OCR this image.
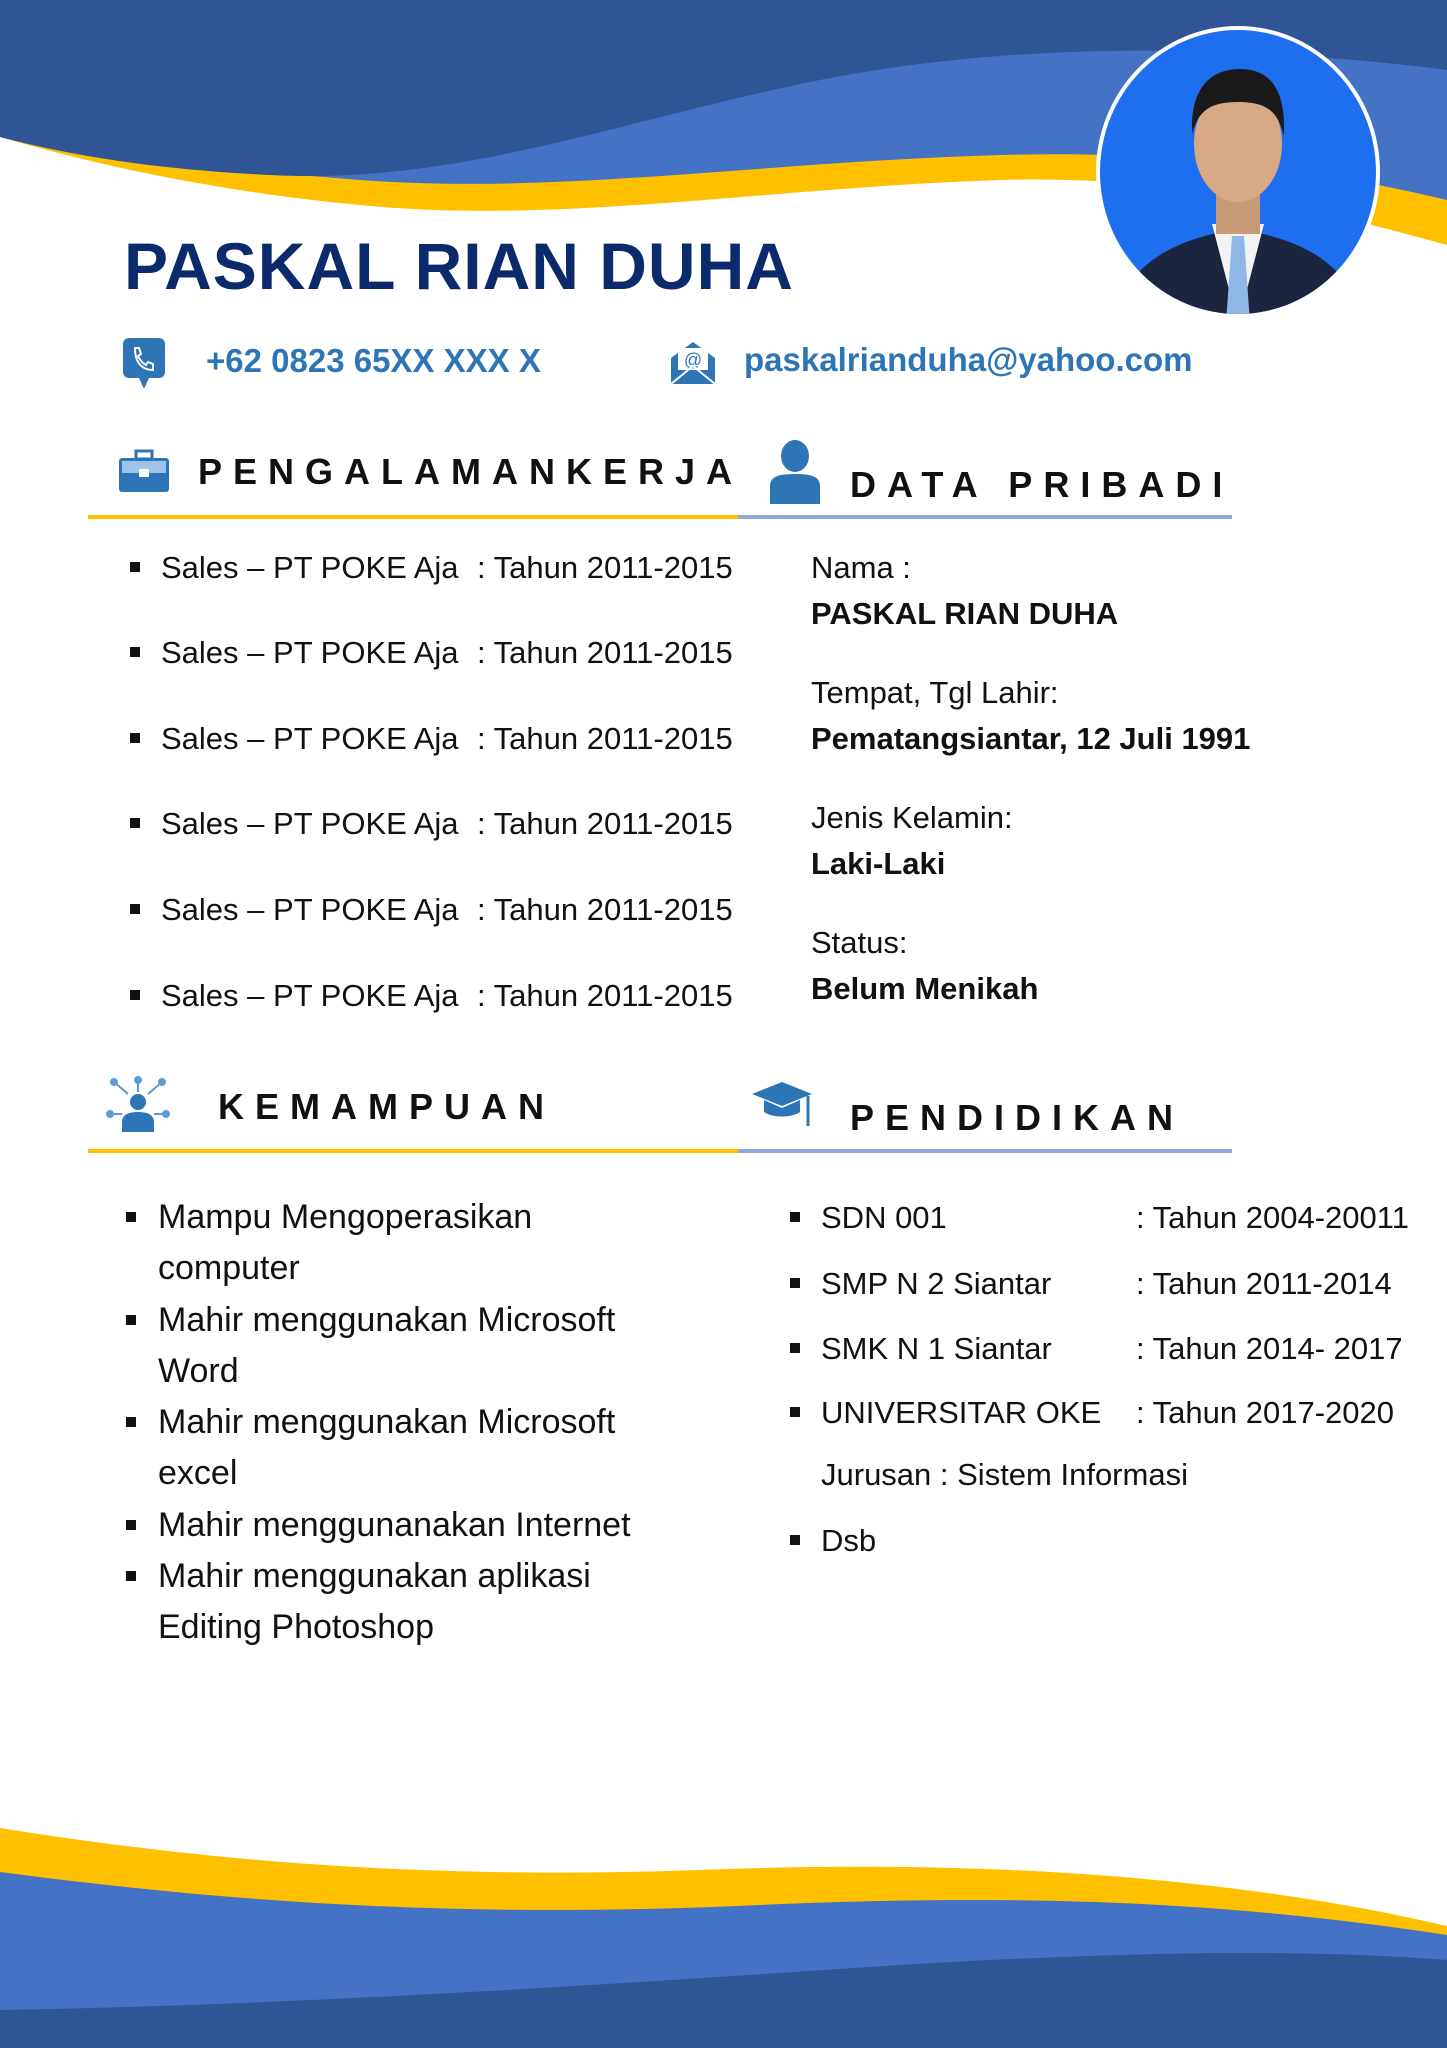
PASKAL RIAN DUHA
+62 0823 65XX XXX X	@ paskalrianduha@yahoo.com
PENGALAMANKERJA	DATA PRIBADI
Sales – PT POKE Aja : Tahun 2011-2015
Sales – PT POKE Aja : Tahun 2011-2015
Sales – PT POKE Aja : Tahun 2011-2015
Sales – PT POKE Aja : Tahun 2011-2015
Sales – PT POKE Aja : Tahun 2011-2015
Sales – PT POKE Aja : Tahun 2011-2015
Nama :
PASKAL RIAN DUHA
Tempat, Tgl Lahir:
Pematangsiantar, 12 Juli 1991
Jenis Kelamin:
Laki-Laki
Status:
Belum Menikah
KEMAMPUAN	PENDIDIKAN
Mampu Mengoperasikan
computer
Mahir menggunakan Microsoft
Word
Mahir menggunakan Microsoft
excel
Mahir menggunanakan Internet
Mahir menggunakan aplikasi
Editing Photoshop
SDN 001	: Tahun 2004-20011
SMP N 2 Siantar	: Tahun 2011-2014
SMK N 1 Siantar	: Tahun 2014- 2017
UNIVERSITAR OKE : Tahun 2017-2020
Jurusan : Sistem Informasi
Dsb
